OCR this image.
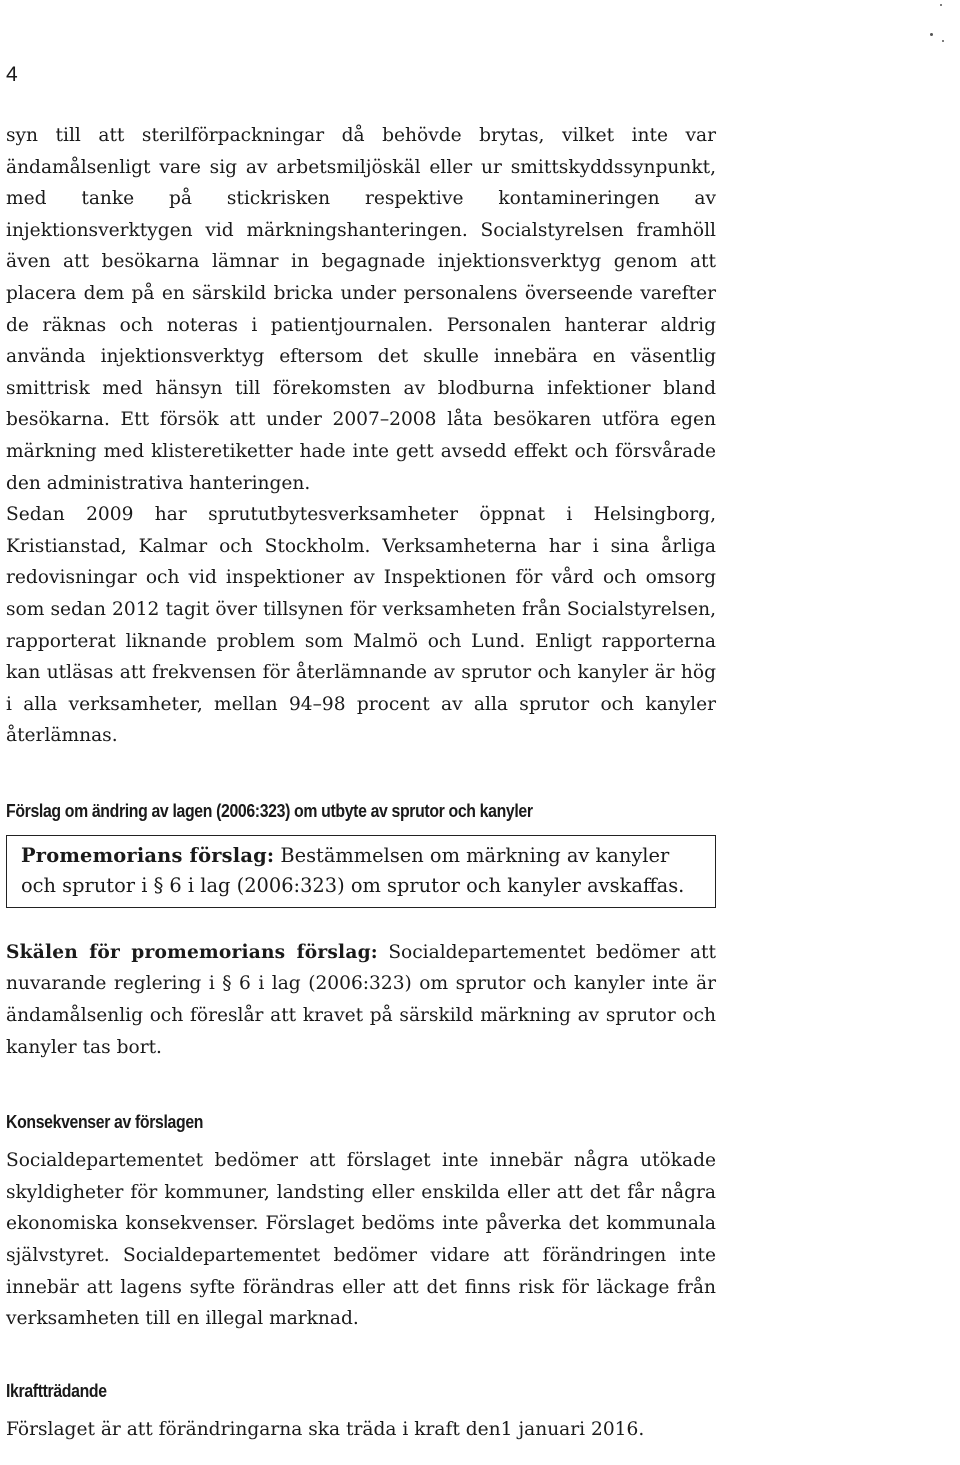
4

syn till att sterilförpackningar då behövde brytas, vilket inte var ändamålsenligt vare sig av arbetsmiljöskäl eller ur smittskyddssynpunkt, med tanke på stickrisken respektive kontamineringen av injektionsverktygen vid märkningshanteringen. Socialstyrelsen framhöll även att besökarna lämnar in begagnade injektionsverktyg genom att placera dem på en särskild bricka under personalens överseende varefter de räknas och noteras i patientjournalen. Personalen hanterar aldrig använda injektionsverktyg eftersom det skulle innebära en väsentlig smittrisk med hänsyn till förekomsten av blodburna infektioner bland besökarna. Ett försök att under 2007–2008 låta besökaren utföra egen märkning med klisteretiketter hade inte gett avsedd effekt och försvårade den administrativa hanteringen.

Sedan 2009 har sprututbytesverksamheter öppnat i Helsingborg, Kristianstad, Kalmar och Stockholm. Verksamheterna har i sina årliga redovisningar och vid inspektioner av Inspektionen för vård och omsorg som sedan 2012 tagit över tillsynen för verksamheten från Socialstyrelsen, rapporterat liknande problem som Malmö och Lund. Enligt rapporterna kan utläsas att frekvensen för återlämnande av sprutor och kanyler är hög i alla verksamheter, mellan 94–98 procent av alla sprutor och kanyler återlämnas.

Förslag om ändring av lagen (2006:323) om utbyte av sprutor och kanyler

Promemorians förslag: Bestämmelsen om märkning av kanyler och sprutor i § 6 i lag (2006:323) om sprutor och kanyler avskaffas.

Skälen för promemorians förslag: Socialdepartementet bedömer att nuvarande reglering i § 6 i lag (2006:323) om sprutor och kanyler inte är ändamålsenlig och föreslår att kravet på särskild märkning av sprutor och kanyler tas bort.

Konsekvenser av förslagen

Socialdepartementet bedömer att förslaget inte innebär några utökade skyldigheter för kommuner, landsting eller enskilda eller att det får några ekonomiska konsekvenser. Förslaget bedöms inte påverka det kommunala självstyret. Socialdepartementet bedömer vidare att förändringen inte innebär att lagens syfte förändras eller att det finns risk för läckage från verksamheten till en illegal marknad.

Ikraftträdande

Förslaget är att förändringarna ska träda i kraft den1 januari 2016.
